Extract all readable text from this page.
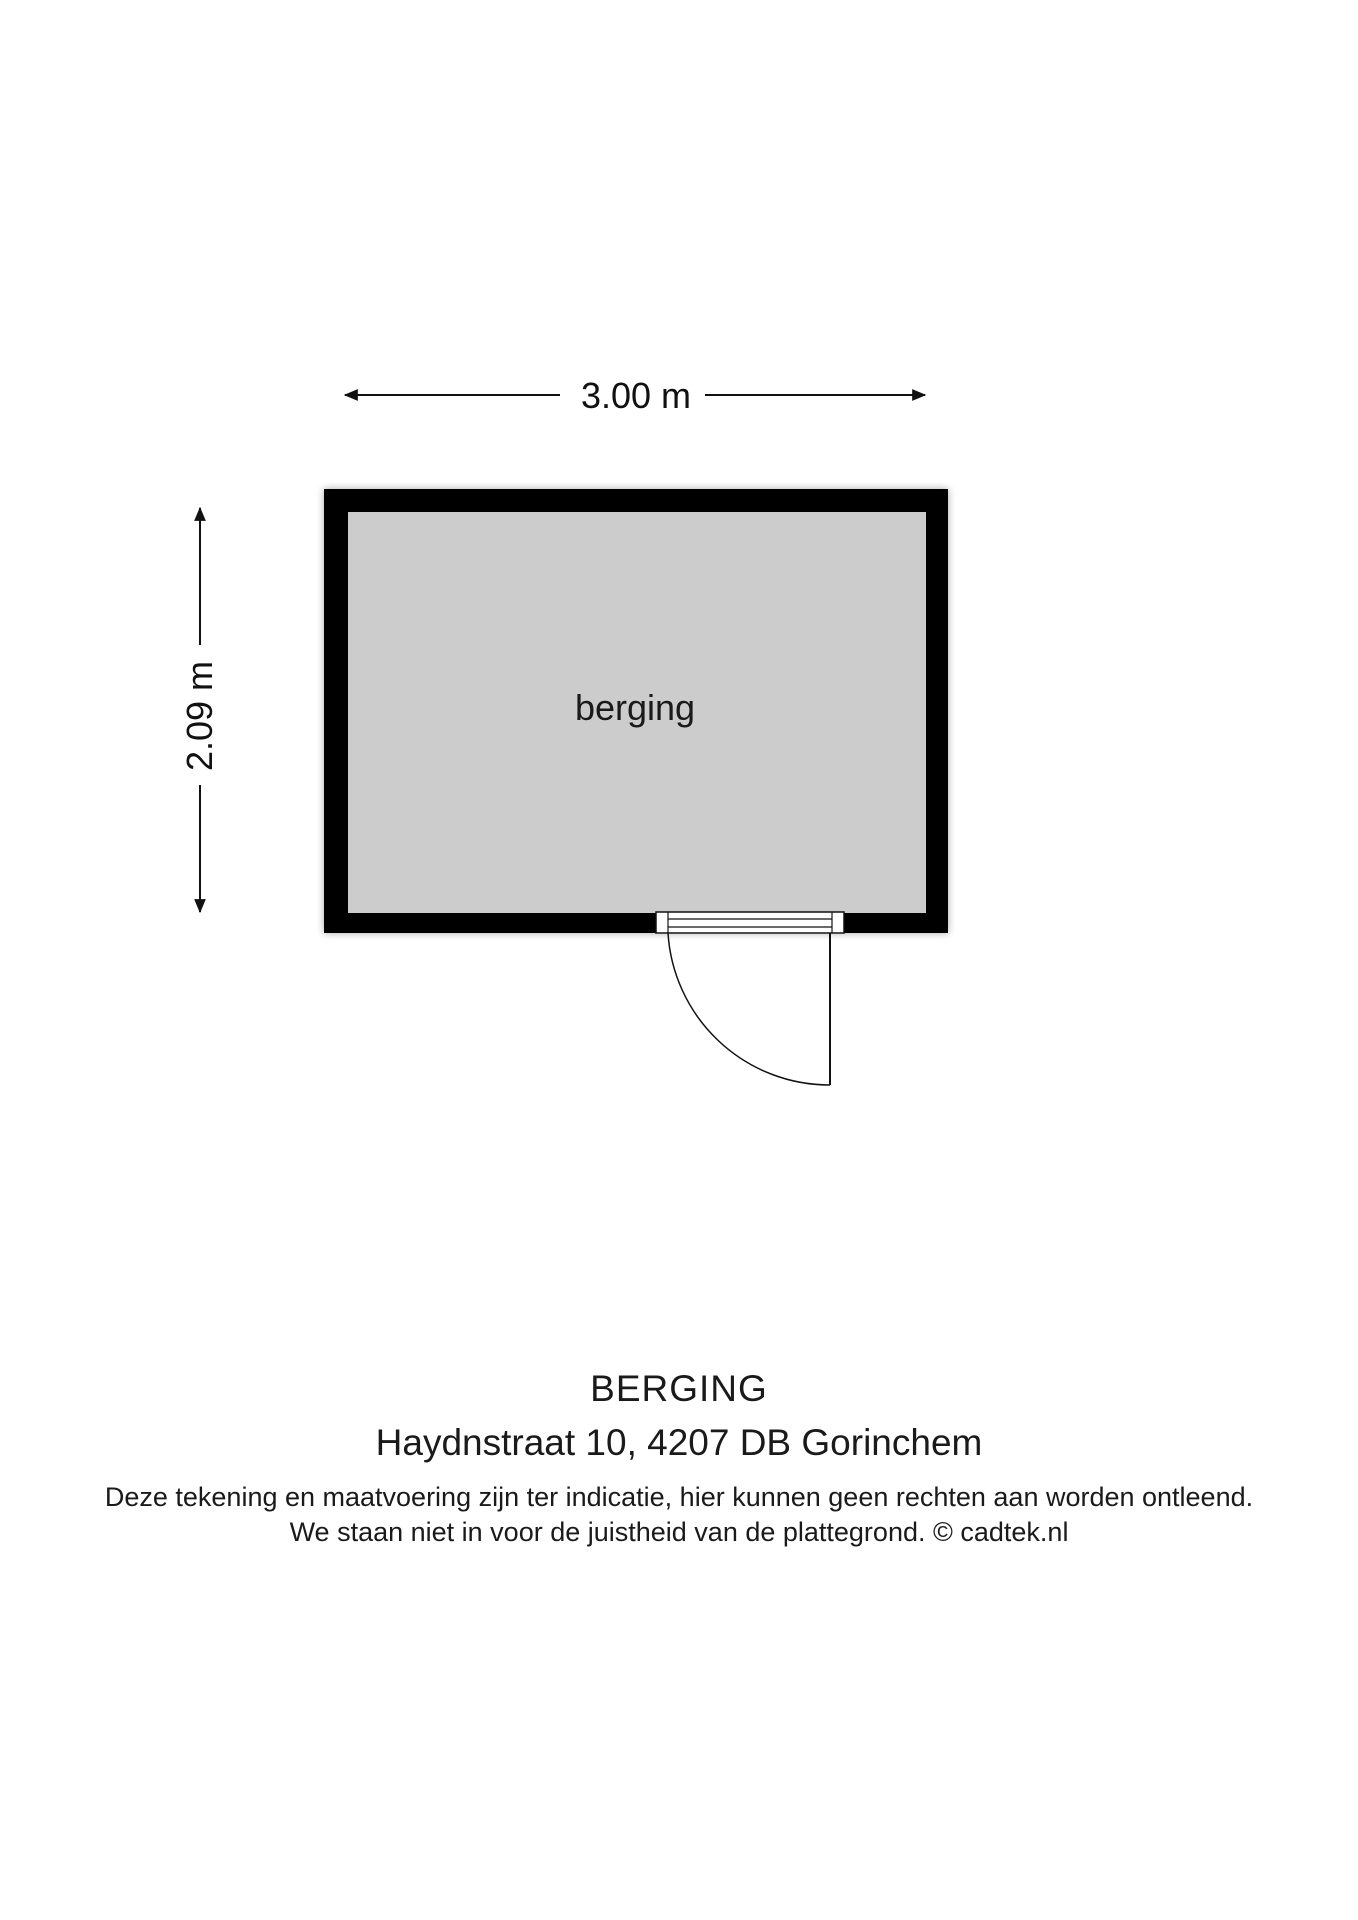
3.00 m
2.09 m	berging
BERGING
Haydnstraat 10, 4207 DB Gorinchem
Deze tekening en maatvoering zijn ter indicatie, hier kunnen geen rechten aan worden ontleend.
We staan niet in voor de juistheid van de plattegrond. © cadtek.nl
